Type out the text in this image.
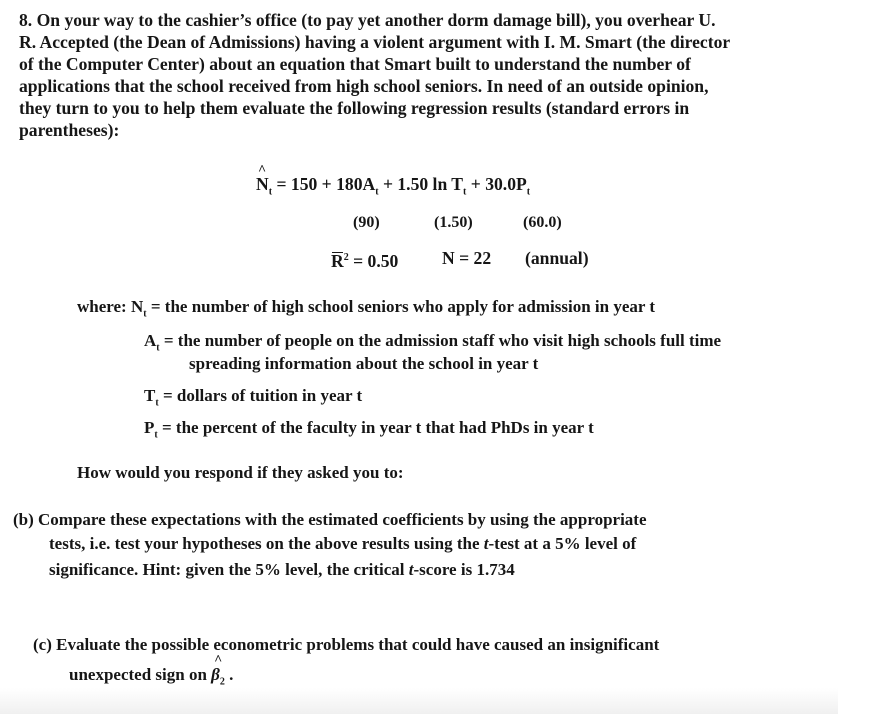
8. On your way to the cashier’s office (to pay yet another dorm damage bill), you overhear U.
R. Accepted (the Dean of Admissions) having a violent argument with I. M. Smart (the director
of the Computer Center) about an equation that Smart built to understand the number of
applications that the school received from high school seniors. In need of an outside opinion,
they turn to you to help them evaluate the following regression results (standard errors in
parentheses):
^ $N_t = 150 + 180A_t + 1.50$ $\ln T_t + 30.0P_t$
(90)	(1.50)	(60.0)
$R^2 = 0.50$ N = 22 (annual)
where: $N_t$ = the number of high school seniors who apply for admission in year t
$A_t$ = the number of people on the admission staff who visit high schools full time
spreading information about the school in year t
$T_t$ = dollars of tuition in year t
$P_t$ = the percent of the faculty in year t that had PhDs in year t
How would you respond if they asked you to:
(b) Compare these expectations with the estimated coefficients by using the appropriate
tests, i.e. test your hypotheses on the above results using the t-test at a 5% level of
significance. Hint: given the 5% level, the critical t-score is 1.734
(c) Evaluate the possible econometric problems that could have caused an insignificant
unexpected sign on ^ $\beta_2$ .
